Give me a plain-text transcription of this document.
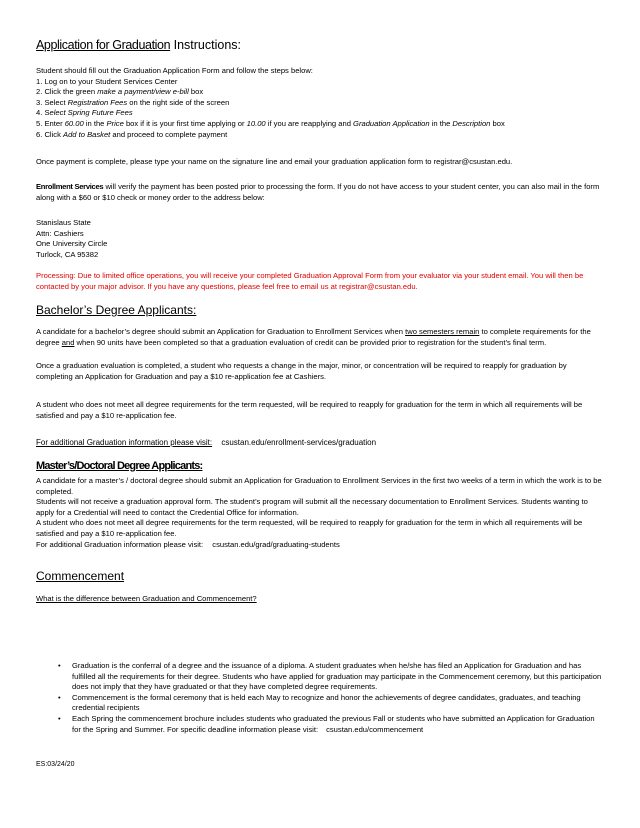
Application for Graduation Instructions:
Student should fill out the Graduation Application Form and follow the steps below:
1. Log on to your Student Services Center
2. Click the green make a payment/view e-bill box
3. Select Registration Fees on the right side of the screen
4. Select Spring Future Fees
5. Enter 60.00 in the Price box if it is your first time applying or 10.00 if you are reapplying and Graduation Application in the Description box
6. Click Add to Basket and proceed to complete payment
Once payment is complete, please type your name on the signature line and email your graduation application form to registrar@csustan.edu.
Enrollment Services will verify the payment has been posted prior to processing the form. If you do not have access to your student center, you can also mail in the form along with a $60 or $10 check or money order to the address below:
Stanislaus State
Attn: Cashiers
One University Circle
Turlock, CA 95382
Processing: Due to limited office operations, you will receive your completed Graduation Approval Form from your evaluator via your student email. You will then be contacted by your major advisor. If you have any questions, please feel free to email us at registrar@csustan.edu.
Bachelor’s Degree Applicants:
A candidate for a bachelor’s degree should submit an Application for Graduation to Enrollment Services when two semesters remain to complete requirements for the degree and when 90 units have been completed so that a graduation evaluation of credit can be provided prior to registration for the student’s final term.
Once a graduation evaluation is completed, a student who requests a change in the major, minor, or concentration will be required to reapply for graduation by completing an Application for Graduation and pay a $10 re-application fee at Cashiers.
A student who does not meet all degree requirements for the term requested, will be required to reapply for graduation for the term in which all requirements will be satisfied and pay a $10 re-application fee.
For additional Graduation information please visit: csustan.edu/enrollment-services/graduation
Master’s/Doctoral Degree Applicants:
A candidate for a master’s / doctoral degree should submit an Application for Graduation to Enrollment Services in the first two weeks of a term in which the work is to be completed.
Students will not receive a graduation approval form. The student’s program will submit all the necessary documentation to Enrollment Services. Students wanting to apply for a Credential will need to contact the Credential Office for information.
A student who does not meet all degree requirements for the term requested, will be required to reapply for graduation for the term in which all requirements will be satisfied and pay a $10 re-application fee.
For additional Graduation information please visit: csustan.edu/grad/graduating-students
Commencement
What is the difference between Graduation and Commencement?
• Graduation is the conferral of a degree and the issuance of a diploma. A student graduates when he/she has filed an Application for Graduation and has fulfilled all the requirements for their degree. Students who have applied for graduation may participate in the Commencement ceremony, but this participation does not imply that they have graduated or that they have completed degree requirements.
• Commencement is the formal ceremony that is held each May to recognize and honor the achievements of degree candidates, graduates, and teaching credential recipients
• Each Spring the commencement brochure includes students who graduated the previous Fall or students who have submitted an Application for Graduation for the Spring and Summer. For specific deadline information please visit: csustan.edu/commencement
ES:03/24/20
